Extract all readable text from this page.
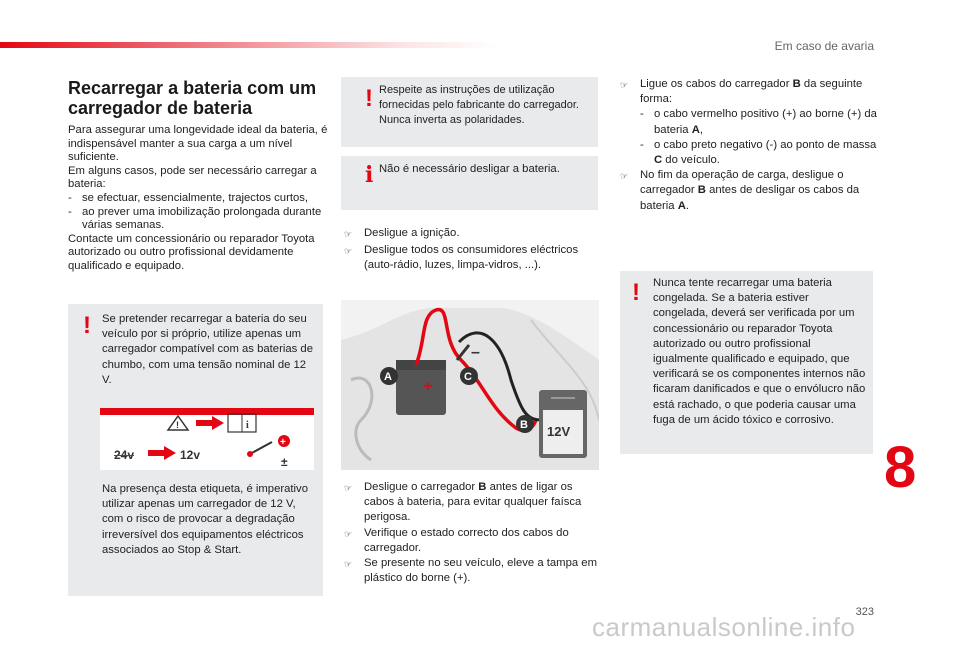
Em caso de avaria
Recarregar a bateria com um carregador de bateria

Para assegurar uma longevidade ideal da bateria, é indispensável manter a sua carga a um nível suficiente.

Em alguns casos, pode ser necessário carregar a bateria:

- se efectuar, essencialmente, trajectos curtos,
- ao prever uma imobilização prolongada durante várias semanas.

Contacte um concessionário ou reparador Toyota autorizado ou outro profissional devidamente qualificado e equipado.

! Se pretender recarregar a bateria do seu veículo por si próprio, utilize apenas um carregador compatível com as baterias de chumbo, com uma tensão nominal de 12 V.
!	i
+
±
24v	12v
Na presença desta etiqueta, é imperativo utilizar apenas um carregador de 12 V, com o risco de provocar a degradação irreversível dos equipamentos eléctricos associados ao Stop & Start.
! Respeite as instruções de utilização fornecidas pelo fabricante do carregador. Nunca inverta as polaridades.
i Não é necessário desligar a bateria.
☞	Desligue a ignição.
☞	Desligue todos os consumidores eléctricos (auto-rádio, luzes, limpa-vidros, ...).
–
+
A	C
B 12V
☞	Desligue o carregador B antes de ligar os cabos à bateria, para evitar qualquer faísca perigosa.
☞	Verifique o estado correcto dos cabos do carregador.
☞	Se presente no seu veículo, eleve a tampa em plástico do borne (+).
☞	Ligue os cabos do carregador B da seguinte forma:
- o cabo vermelho positivo (+) ao borne (+) da bateria A,
- o cabo preto negativo (-) ao ponto de massa C do veículo.
☞	No fim da operação de carga, desligue o carregador B antes de desligar os cabos da bateria A.
! Nunca tente recarregar uma bateria congelada. Se a bateria estiver congelada, deverá ser verificada por um concessionário ou reparador Toyota autorizado ou outro profissional igualmente qualificado e equipado, que verificará se os componentes internos não ficaram danificados e que o envólucro não está rachado, o que poderia causar uma fuga de um ácido tóxico e corrosivo.
8
323
carmanualsonline.info
